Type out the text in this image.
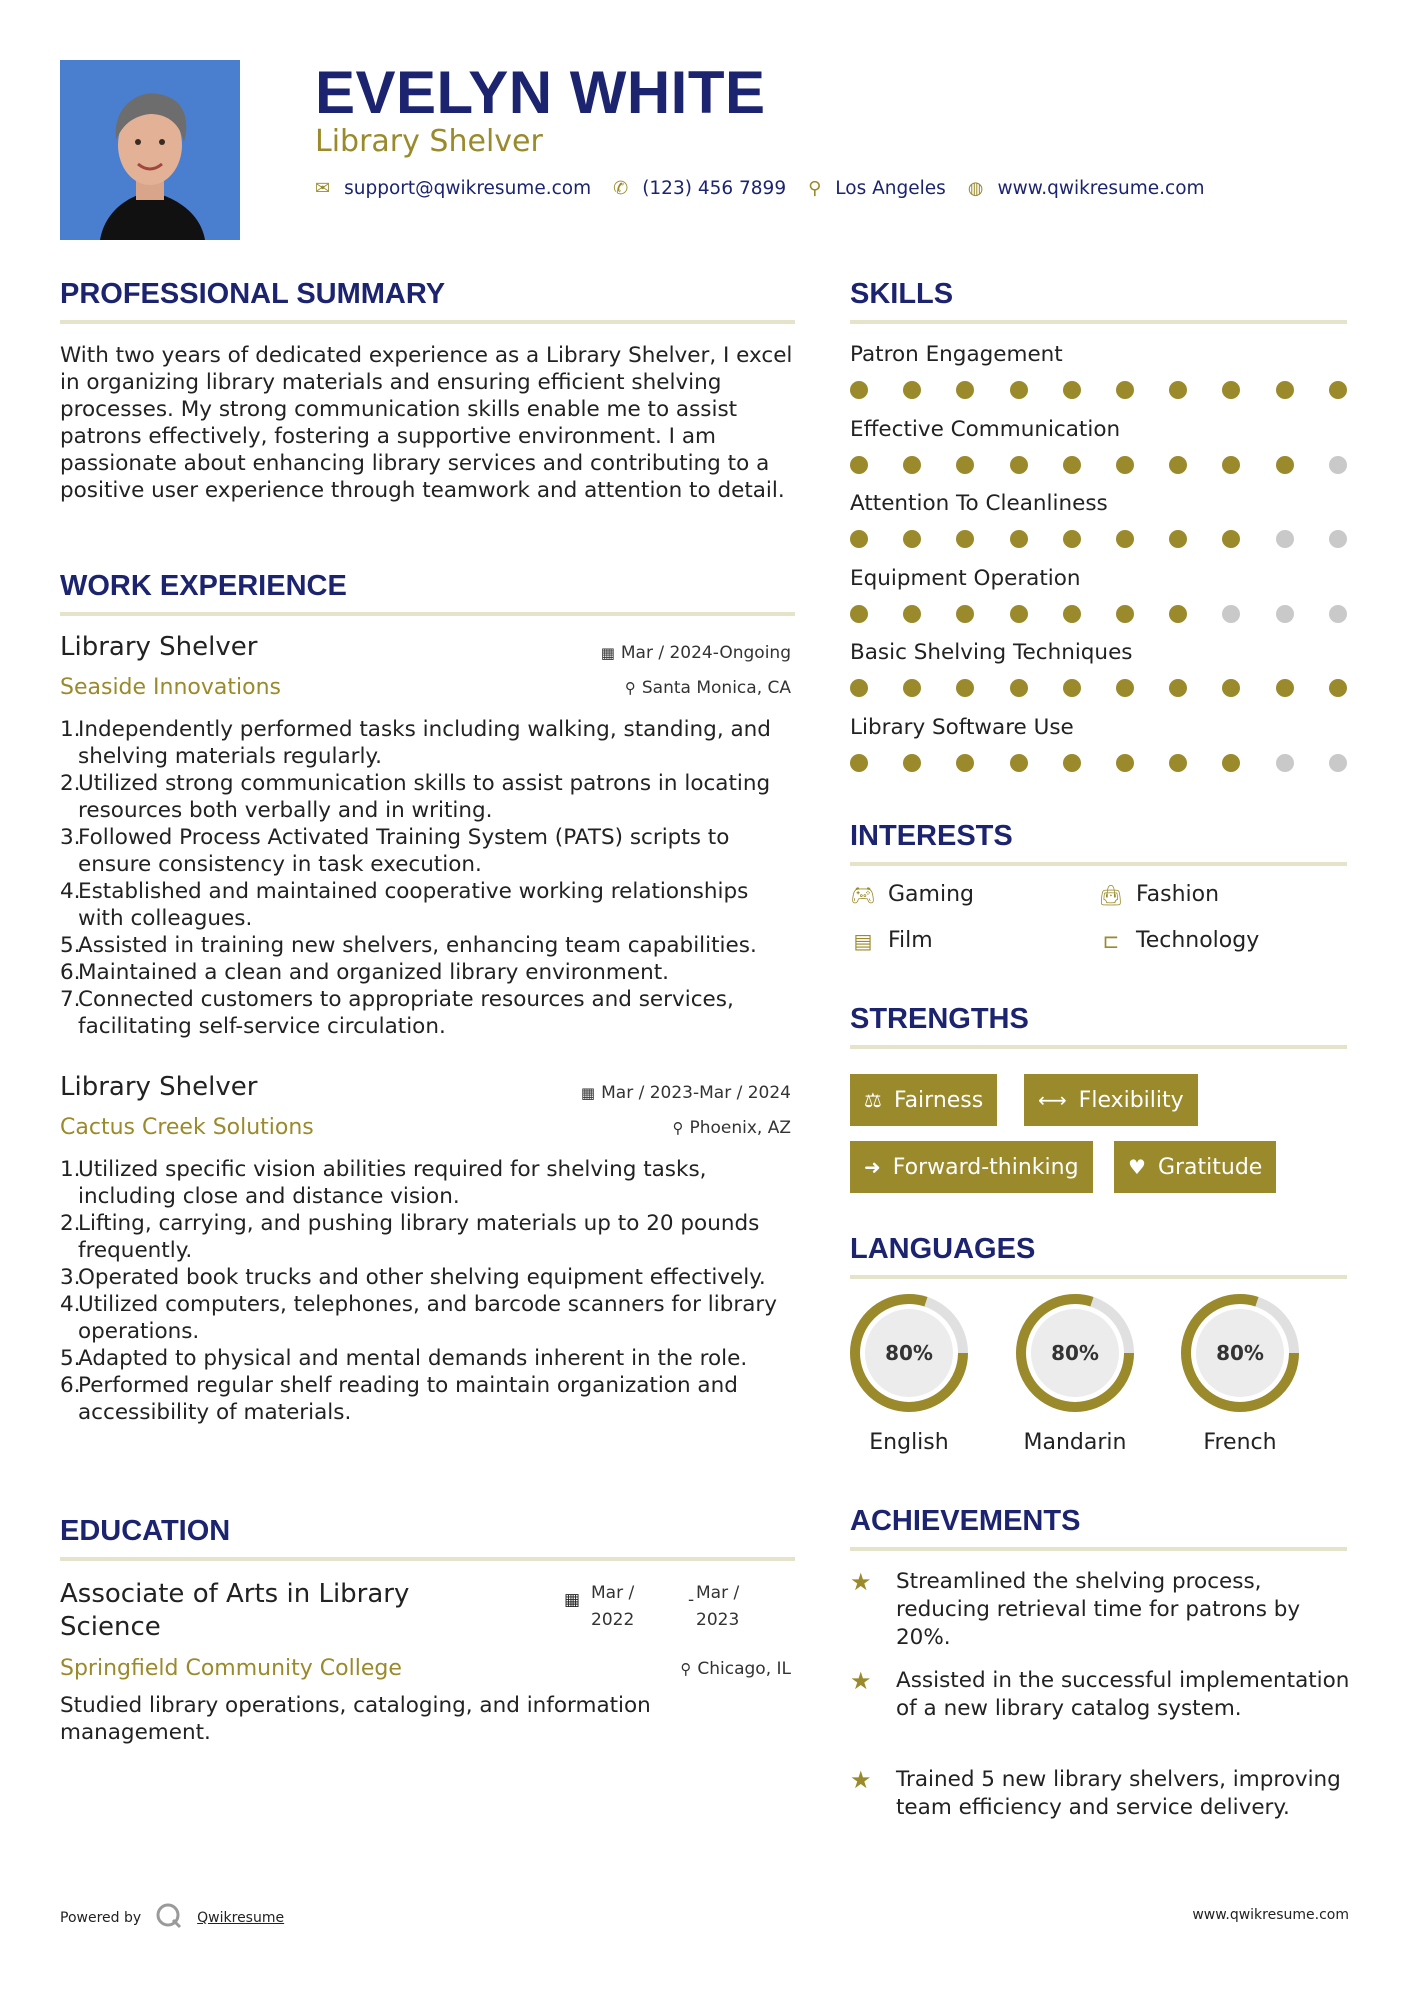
EVELYN WHITE
Library Shelver
✉ support@qwikresume.com ✆ (123) 456 7899 ⚲ Los Angeles ◍ www.qwikresume.com
PROFESSIONAL SUMMARY
With two years of dedicated experience as a Library Shelver, I excel in organizing library materials and ensuring efficient shelving processes. My strong communication skills enable me to assist patrons effectively, fostering a supportive environment. I am passionate about enhancing library services and contributing to a positive user experience through teamwork and attention to detail.
WORK EXPERIENCE
Library Shelver	▦ Mar / 2024-Ongoing
Seaside Innovations	⚲ Santa Monica, CA
1.
Independently performed tasks including walking, standing, and shelving materials regularly.
2.
Utilized strong communication skills to assist patrons in locating resources both verbally and in writing.
3.
Followed Process Activated Training System (PATS) scripts to ensure consistency in task execution.
4.
Established and maintained cooperative working relationships with colleagues.
5.
Assisted in training new shelvers, enhancing team capabilities.
6.
Maintained a clean and organized library environment.
7.
Connected customers to appropriate resources and services, facilitating self-service circulation.
Library Shelver	▦ Mar / 2023-Mar / 2024
Cactus Creek Solutions	⚲ Phoenix, AZ
1.
Utilized specific vision abilities required for shelving tasks, including close and distance vision.
2.
Lifting, carrying, and pushing library materials up to 20 pounds frequently.
3.
Operated book trucks and other shelving equipment effectively.
4.
Utilized computers, telephones, and barcode scanners for library operations.
5.
Adapted to physical and mental demands inherent in the role.
6.
Performed regular shelf reading to maintain organization and accessibility of materials.
EDUCATION
Associate of Arts in Library Science
▦ Mar / 2022
- Mar / 2023
Springfield Community College	⚲ Chicago, IL
Studied library operations, cataloging, and information management.
SKILLS
Patron Engagement
Effective Communication
Attention To Cleanliness
Equipment Operation
Basic Shelving Techniques
Library Software Use
INTERESTS
🎮︎ Gaming	👜︎ Fashion
▤ Film	⊏ Technology
STRENGTHS
⚖ Fairness	⟷ Flexibility
➜ Forward-thinking ♥ Gratitude
LANGUAGES
80%
English
80%
Mandarin
80%
French
ACHIEVEMENTS
★	Streamlined the shelving process, reducing retrieval time for patrons by 20%.
★	Assisted in the successful implementation of a new library catalog system.
★	Trained 5 new library shelvers, improving team efficiency and service delivery.
Powered by	Qwikresume	www.qwikresume.com
